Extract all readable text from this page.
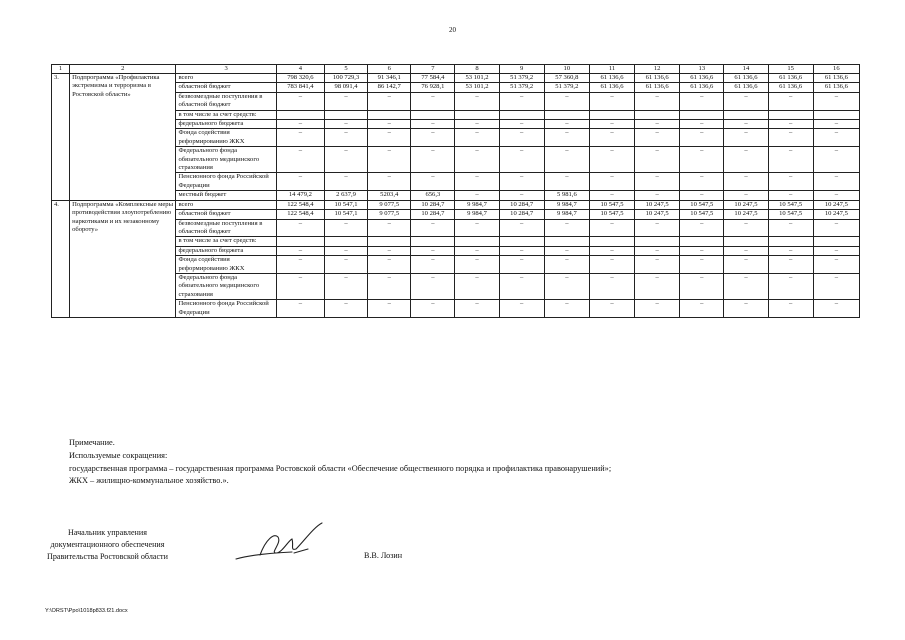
20
1	2	3	4	5	6	7	8	9	10	11	12	13	14	15	16
3.	Подпрограмма «Профилактика экстремизма и терроризма в Ростовской области»	всего	798 320,6	100 729,3	91 346,1	77 584,4	53 101,2	51 379,2	57 360,8	61 136,6	61 136,6	61 136,6	61 136,6	61 136,6	61 136,6
		областной бюджет	783 841,4	98 091,4	86 142,7	76 928,1	53 101,2	51 379,2	51 379,2	61 136,6	61 136,6	61 136,6	61 136,6	61 136,6	61 136,6
		безвозмездные поступления в областной бюджет	–	–	–	–	–	–	–	–	–	–	–	–	–
		в том числе за счет средств:													
		федерального бюджета	–	–	–	–	–	–	–	–	–	–	–	–	–
		Фонда содействия реформированию ЖКХ	–	–	–	–	–	–	–	–	–	–	–	–	–
		Федерального фонда обязательного медицинского страхования	–	–	–	–	–	–	–	–	–	–	–	–	–
		Пенсионного фонда Российской Федерации	–	–	–	–	–	–	–	–	–	–	–	–	–
		местный бюджет	14 479,2	2 637,9	5203,4	656,3	–	–	5 981,6	–	–	–	–	–	–
4.	Подпрограмма «Комплексные меры противодействия злоупотреблению наркотиками и их незаконному обороту»	всего	122 548,4	10 547,1	9 077,5	10 284,7	9 984,7	10 284,7	9 984,7	10 547,5	10 247,5	10 547,5	10 247,5	10 547,5	10 247,5
		областной бюджет	122 548,4	10 547,1	9 077,5	10 284,7	9 984,7	10 284,7	9 984,7	10 547,5	10 247,5	10 547,5	10 247,5	10 547,5	10 247,5
		безвозмездные поступления в областной бюджет	–	–	–	–	–	–	–	–	–	–	–	–	–
		в том числе за счет средств:													
		федерального бюджета	–	–	–	–	–	–	–	–	–	–	–	–	–
		Фонда содействия реформированию ЖКХ	–	–	–	–	–	–	–	–	–	–	–	–	–
		Федерального фонда обязательного медицинского страхования	–	–	–	–	–	–	–	–	–	–	–	–	–
		Пенсионного фонда Российской Федерации	–	–	–	–	–	–	–	–	–	–	–	–	–
Примечание.
Используемые сокращения:
государственная программа – государственная программа Ростовской области «Обеспечение общественного порядка и профилактика правонарушений»;
ЖКХ – жилищно-коммунальное хозяйство.».
Начальник управления
документационного обеспечения
Правительства Ростовской области	В.В. Лозин
Y:\ORST\Ppo\1018p833.f21.docx
